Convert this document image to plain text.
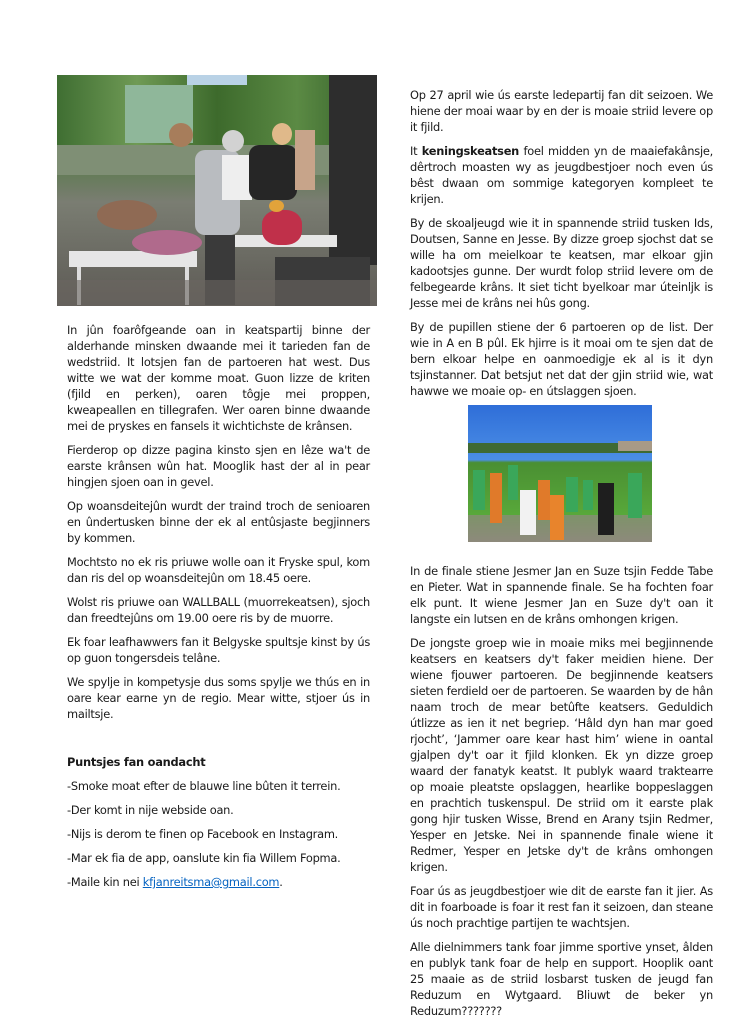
In jûn foarôfgeande oan in keatspartij binne der alderhande minsken dwaande mei it tarieden fan de wedstriid. It lotsjen fan de partoeren hat west. Dus witte we wat der komme moat. Guon lizze de kriten (fjild en perken), oaren tôgje mei proppen, kweapeallen en tillegrafen. Wer oaren binne dwaande mei de pryskes en fansels it wichtichste de krânsen.

Fierderop op dizze pagina kinsto sjen en lêze wa't de earste krânsen wûn hat. Mooglik hast der al in pear hingjen sjoen oan in gevel.

Op woansdeitejûn wurdt der traind troch de senioaren en ûndertusken binne der ek al entûsjaste begjinners by kommen.

Mochtsto no ek ris priuwe wolle oan it Fryske spul, kom dan ris del op woansdeitejûn om 18.45 oere.

Wolst ris priuwe oan WALLBALL (muorrekeatsen), sjoch dan freedtejûns om 19.00 oere ris by de muorre.

Ek foar leafhawwers fan it Belgyske spultsje kinst by ús op guon tongersdeis telâne.

We spylje in kompetysje dus soms spylje we thús en in oare kear earne yn de regio. Mear witte, stjoer ús in mailtsje.

Puntsjes fan oandacht

-Smoke moat efter de blauwe line bûten it terrein.

-Der komt in nije webside oan.

-Nijs is derom te finen op Facebook en Instagram.

-Mar ek fia de app, oanslute kin fia Willem Fopma.

-Maile kin nei kfjanreitsma@gmail.com.

Op 27 april wie ús earste ledepartij fan dit seizoen. We hiene der moai waar by en der is moaie striid levere op it fjild.

It keningskeatsen foel midden yn de maaiefakânsje, dêrtroch moasten wy as jeugdbestjoer noch even ús bêst dwaan om sommige kategoryen kompleet te krijen.

By de skoaljeugd wie it in spannende striid tusken Ids, Doutsen, Sanne en Jesse. By dizze groep sjochst dat se wille ha om meielkoar te keatsen, mar elkoar gjin kadootsjes gunne. Der wurdt folop striid levere om de felbegearde krâns. It siet ticht byelkoar mar úteinljk is Jesse mei de krâns nei hûs gong.

By de pupillen stiene der 6 partoeren op de list. Der wie in A en B pûl. Ek hjirre is it moai om te sjen dat de bern elkoar helpe en oanmoedigje ek al is it dyn tsjinstanner. Dat betsjut net dat der gjin striid wie, wat hawwe we moaie op- en útslaggen sjoen.

In de finale stiene Jesmer Jan en Suze tsjin Fedde Tabe en Pieter. Wat in spannende finale. Se ha fochten foar elk punt. It wiene Jesmer Jan en Suze dy't oan it langste ein lutsen en de krâns omhongen krigen.

De jongste groep wie in moaie miks mei begjinnende keatsers en keatsers dy't faker meidien hiene. Der wiene fjouwer partoeren. De begjinnende keatsers sieten ferdield oer de partoeren. Se waarden by de hân naam troch de mear betûfte keatsers. Geduldich útlizze as ien it net begriep. ‘Hâld dyn han mar goed rjocht’, ‘Jammer oare kear hast him’ wiene in oantal gjalpen dy't oar it fjild klonken. Ek yn dizze groep waard der fanatyk keatst. It publyk waard traktearre op moaie pleatste opslaggen, hearlike boppeslaggen en prachtich tuskenspul. De striid om it earste plak gong hjir tusken Wisse, Brend en Arany tsjin Redmer, Yesper en Jetske. Nei in spannende finale wiene it Redmer, Yesper en Jetske dy't de krâns omhongen krigen.

Foar ús as jeugdbestjoer wie dit de earste fan it jier. As dit in foarboade is foar it rest fan it seizoen, dan steane ús noch prachtige partijen te wachtsjen.

Alle dielnimmers tank foar jimme sportive ynset, âlden en publyk tank foar de help en support. Hooplik oant 25 maaie as de striid losbarst tusken de jeugd fan Reduzum en Wytgaard. Bliuwt de beker yn Reduzum???????
